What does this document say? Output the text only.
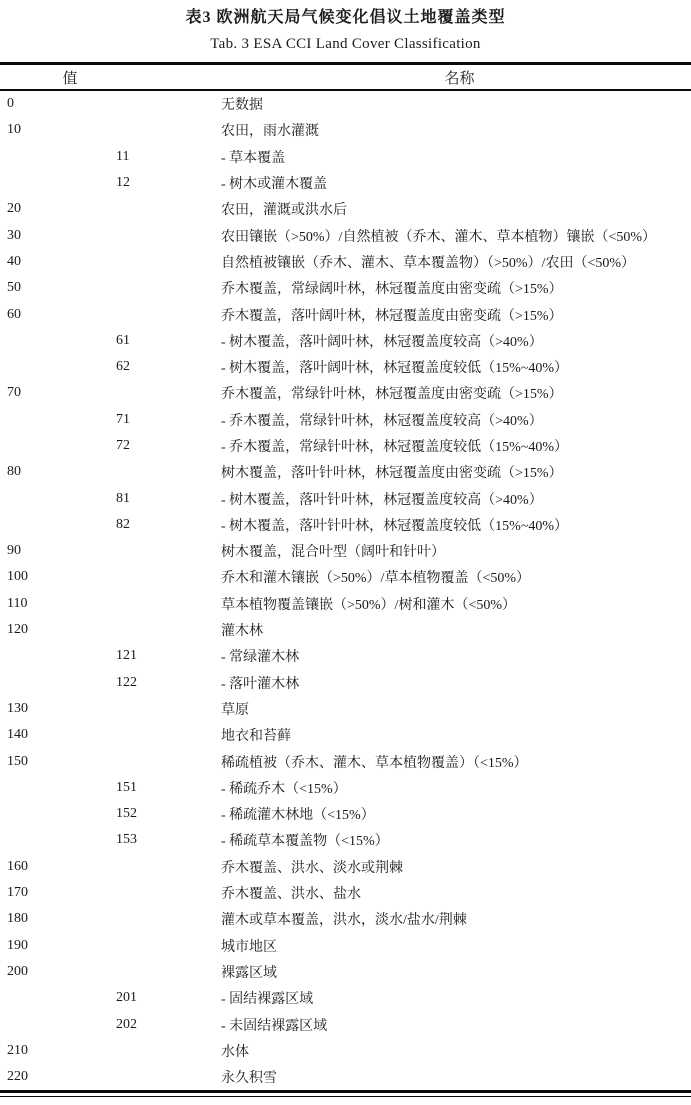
表3 欧洲航天局气候变化倡议土地覆盖类型
Tab. 3 ESA CCI Land Cover Classification
值	名称
0	无数据
10	农田，雨水灌溉
11	- 草本覆盖
12	- 树木或灌木覆盖
20	农田，灌溉或洪水后
30	农田镶嵌（>50%）/自然植被（乔木、灌木、草本植物）镶嵌（<50%）
40	自然植被镶嵌（乔木、灌木、草本覆盖物）（>50%）/农田（<50%）
50	乔木覆盖，常绿阔叶林，林冠覆盖度由密变疏（>15%）
60	乔木覆盖，落叶阔叶林，林冠覆盖度由密变疏（>15%）
61	- 树木覆盖，落叶阔叶林，林冠覆盖度较高（>40%）
62	- 树木覆盖，落叶阔叶林，林冠覆盖度较低（15%~40%）
70	乔木覆盖，常绿针叶林，林冠覆盖度由密变疏（>15%）
71	- 乔木覆盖，常绿针叶林，林冠覆盖度较高（>40%）
72	- 乔木覆盖，常绿针叶林，林冠覆盖度较低（15%~40%）
80	树木覆盖，落叶针叶林，林冠覆盖度由密变疏（>15%）
81	- 树木覆盖，落叶针叶林，林冠覆盖度较高（>40%）
82	- 树木覆盖，落叶针叶林，林冠覆盖度较低（15%~40%）
90	树木覆盖，混合叶型（阔叶和针叶）
100	乔木和灌木镶嵌（>50%）/草本植物覆盖（<50%）
110	草本植物覆盖镶嵌（>50%）/树和灌木（<50%）
120	灌木林
121	- 常绿灌木林
122	- 落叶灌木林
130	草原
140	地衣和苔藓
150	稀疏植被（乔木、灌木、草本植物覆盖）（<15%）
151	- 稀疏乔木（<15%）
152	- 稀疏灌木林地（<15%）
153	- 稀疏草本覆盖物（<15%）
160	乔木覆盖、洪水、淡水或荆棘
170	乔木覆盖、洪水、盐水
180	灌木或草本覆盖，洪水，淡水/盐水/荆棘
190	城市地区
200	裸露区域
201	- 固结裸露区域
202	- 未固结裸露区域
210	水体
220	永久积雪
